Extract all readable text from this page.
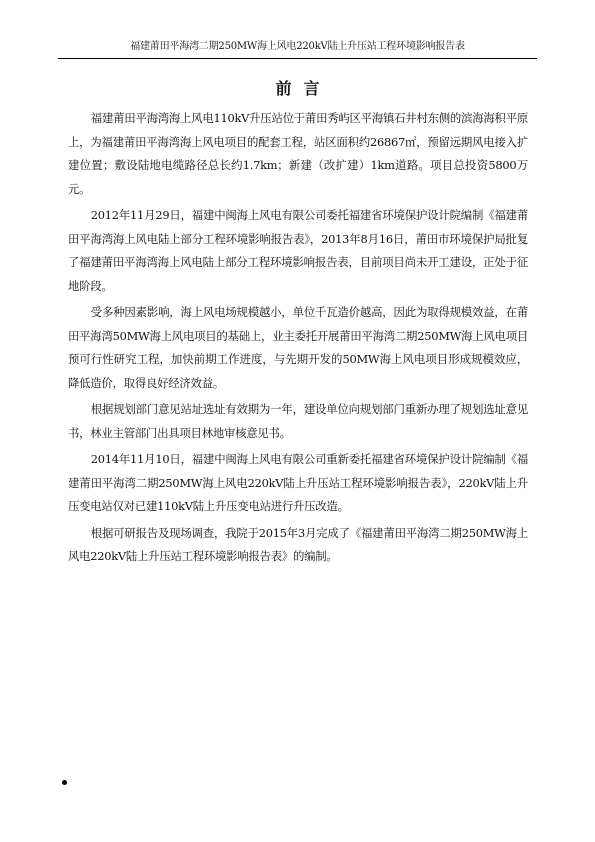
福建莆田平海湾二期250MW海上风电220kV陆上升压站工程环境影响报告表
前言

福建莆田平海湾海上风电110kV升压站位于莆田秀屿区平海镇石井村东侧的滨海海积平原上，为福建莆田平海湾海上风电项目的配套工程，站区面积约26867㎡，预留远期风电接入扩建位置；敷设陆地电缆路径总长约1.7km；新建（改扩建）1km道路。项目总投资5800万元。

2012年11月29日，福建中闽海上风电有限公司委托福建省环境保护设计院编制《福建莆田平海湾海上风电陆上部分工程环境影响报告表》，2013年8月16日，莆田市环境保护局批复了福建莆田平海湾海上风电陆上部分工程环境影响报告表，目前项目尚未开工建设，正处于征地阶段。

受多种因素影响，海上风电场规模越小，单位千瓦造价越高，因此为取得规模效益，在莆田平海湾50MW海上风电项目的基础上，业主委托开展莆田平海湾二期250MW海上风电项目预可行性研究工程，加快前期工作进度，与先期开发的50MW海上风电项目形成规模效应，降低造价，取得良好经济效益。

根据规划部门意见站址选址有效期为一年，建设单位向规划部门重新办理了规划选址意见书，林业主管部门出具项目林地审核意见书。

2014年11月10日，福建中闽海上风电有限公司重新委托福建省环境保护设计院编制《福建莆田平海湾二期250MW海上风电220kV陆上升压站工程环境影响报告表》，220kV陆上升压变电站仅对已建110kV陆上升压变电站进行升压改造。

根据可研报告及现场调查，我院于2015年3月完成了《福建莆田平海湾二期250MW海上风电220kV陆上升压站工程环境影响报告表》的编制。
